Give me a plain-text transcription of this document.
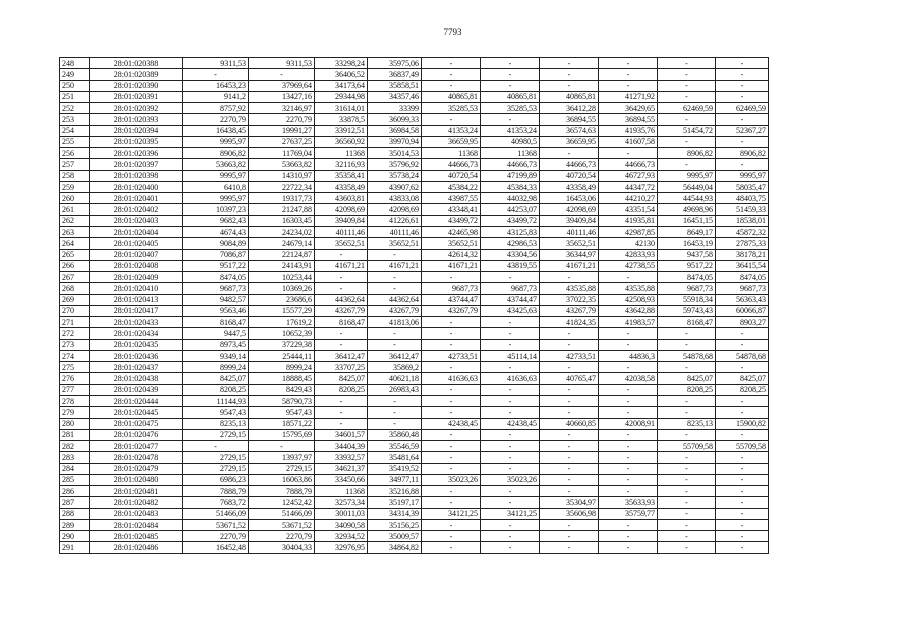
7793
248	28:01:020388	9311,53	9311,53	33298,24	35975,06	-	-	-	-	-	-
249	28:01:020389	-	-	36406,52	36837,49	-	-	-	-	-	-
250	28:01:020390	16453,23	37969,64	34173,64	35858,51	-	-	-	-	-	-
251	28:01:020391	9141,2	13427,16	29344,98	34357,46	40865,81	40865,81	40865,81	41271,92	-	-
252	28:01:020392	8757,92	32146,97	31614,01	33399	35285,53	35285,53	36412,28	36429,65	62469,59	62469,59
253	28:01:020393	2270,79	2270,79	33878,5	36099,33	-	-	36894,55	36894,55	-	-
254	28:01:020394	16438,45	19991,27	33912,51	36984,58	41353,24	41353,24	36574,63	41935,76	51454,72	52367,27
255	28:01:020395	9995,97	27637,25	36560,92	39970,94	36659,95	40980,5	36659,95	41607,58	-	-
256	28:01:020396	8906,82	11769,04	11368	35014,53	11368	11368	-	-	8906,82	8906,82
257	28:01:020397	53663,82	53663,82	32116,93	35796,92	44666,73	44666,73	44666,73	44666,73	-	-
258	28:01:020398	9995,97	14310,97	35358,41	35738,24	40720,54	47199,89	40720,54	46727,93	9995,97	9995,97
259	28:01:020400	6410,8	22722,34	43358,49	43907,62	45384,22	45384,33	43358,49	44347,72	56449,04	58035,47
260	28:01:020401	9995,97	19317,73	43603,81	43833,08	43987,55	44032,98	16453,06	44210,27	44544,93	48403,75
261	28:01:020402	10397,23	21247,88	42098,69	42098,69	43348,41	44253,07	42098,69	43351,54	49698,96	51459,33
262	28:01:020403	9682,43	16303,45	39409,84	41226,61	43499,72	43499,72	39409,84	41935,81	16451,15	18538,01
263	28:01:020404	4674,43	24234,02	40111,46	40111,46	42465,98	43125,83	40111,46	42987,85	8649,17	45872,32
264	28:01:020405	9084,89	24679,14	35652,51	35652,51	35652,51	42986,53	35652,51	42130	16453,19	27875,33
265	28:01:020407	7086,87	22124,87	-	-	42614,32	43304,56	36344,97	42833,93	9437,58	38178,21
266	28:01:020408	9517,22	24143,91	41671,21	41671,21	41671,21	43819,55	41671,21	42738,55	9517,22	36415,54
267	28:01:020409	8474,05	10253,44	-	-	-	-	-	-	8474,05	8474,05
268	28:01:020410	9687,73	10369,26	-	-	9687,73	9687,73	43535,88	43535,88	9687,73	9687,73
269	28:01:020413	9482,57	23686,6	44362,64	44362,64	43744,47	43744,47	37022,35	42508,93	55918,34	56363,43
270	28:01:020417	9563,46	15577,29	43267,79	43267,79	43267,79	43425,63	43267,79	43642,88	59743,43	60066,87
271	28:01:020433	8168,47	17619,2	8168,47	41813,06	-	-	41824,35	41983,57	8168,47	8903,27
272	28:01:020434	9447,5	10652,39	-	-	-	-	-	-	-	-
273	28:01:020435	8973,45	37229,38	-	-	-	-	-	-	-	-
274	28:01:020436	9349,14	25444,11	36412,47	36412,47	42733,51	45114,14	42733,51	44836,3	54878,68	54878,68
275	28:01:020437	8999,24	8999,24	33707,25	35869,2	-	-	-	-	-	-
276	28:01:020438	8425,07	18888,45	8425,07	40621,18	41636,63	41636,63	40765,47	42038,58	8425,07	8425,07
277	28:01:020439	8208,25	8429,43	8208,25	26983,43	-	-	-	-	8208,25	8208,25
278	28:01:020444	11144,93	58790,73	-	-	-	-	-	-	-	-
279	28:01:020445	9547,43	9547,43	-	-	-	-	-	-	-	-
280	28:01:020475	8235,13	18571,22	-	-	42438,45	42438,45	40660,85	42008,91	8235,13	15900,82
281	28:01:020476	2729,15	15795,69	34601,57	35860,48	-	-	-	-	-	-
282	28:01:020477	-	-	34404,39	35546,59	-	-	-	-	55709,58	55709,58
283	28:01:020478	2729,15	13937,97	33932,57	35481,64	-	-	-	-	-	-
284	28:01:020479	2729,15	2729,15	34621,37	35419,52	-	-	-	-	-	-
285	28:01:020480	6986,23	16063,86	33450,66	34977,11	35023,26	35023,26	-	-	-	-
286	28:01:020481	7888,79	7888,79	11368	35216,88	-	-	-	-	-	-
287	28:01:020482	7683,72	12452,42	32573,34	35197,17	-	-	35304,97	35633,93	-	-
288	28:01:020483	51466,09	51466,09	30011,03	34314,39	34121,25	34121,25	35606,98	35759,77	-	-
289	28:01:020484	53671,52	53671,52	34090,58	35156,25	-	-	-	-	-	-
290	28:01:020485	2270,79	2270,79	32934,52	35009,57	-	-	-	-	-	-
291	28:01:020486	16452,48	30404,33	32976,95	34864,82	-	-	-	-	-	-
